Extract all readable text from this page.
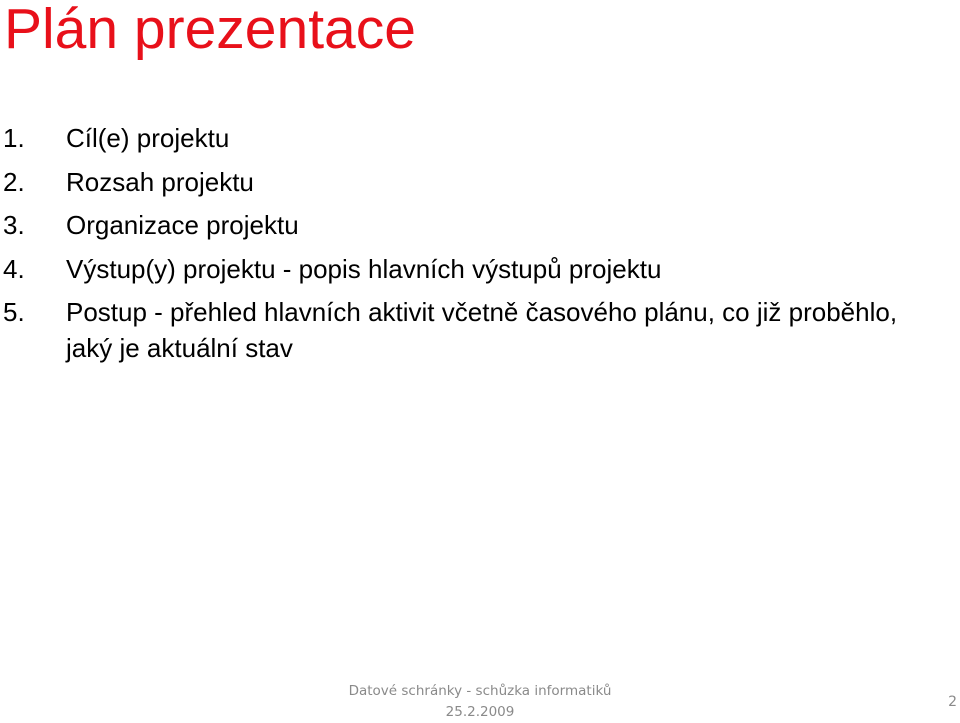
Plán prezentace
1. Cíl(e) projektu
2. Rozsah projektu
3. Organizace projektu
4. Výstup(y) projektu - popis hlavních výstupů projektu
5. Postup - přehled hlavních aktivit včetně časového plánu, co již proběhlo, jaký je aktuální stav
Datové schránky - schůzka informatiků
25.2.2009
2
